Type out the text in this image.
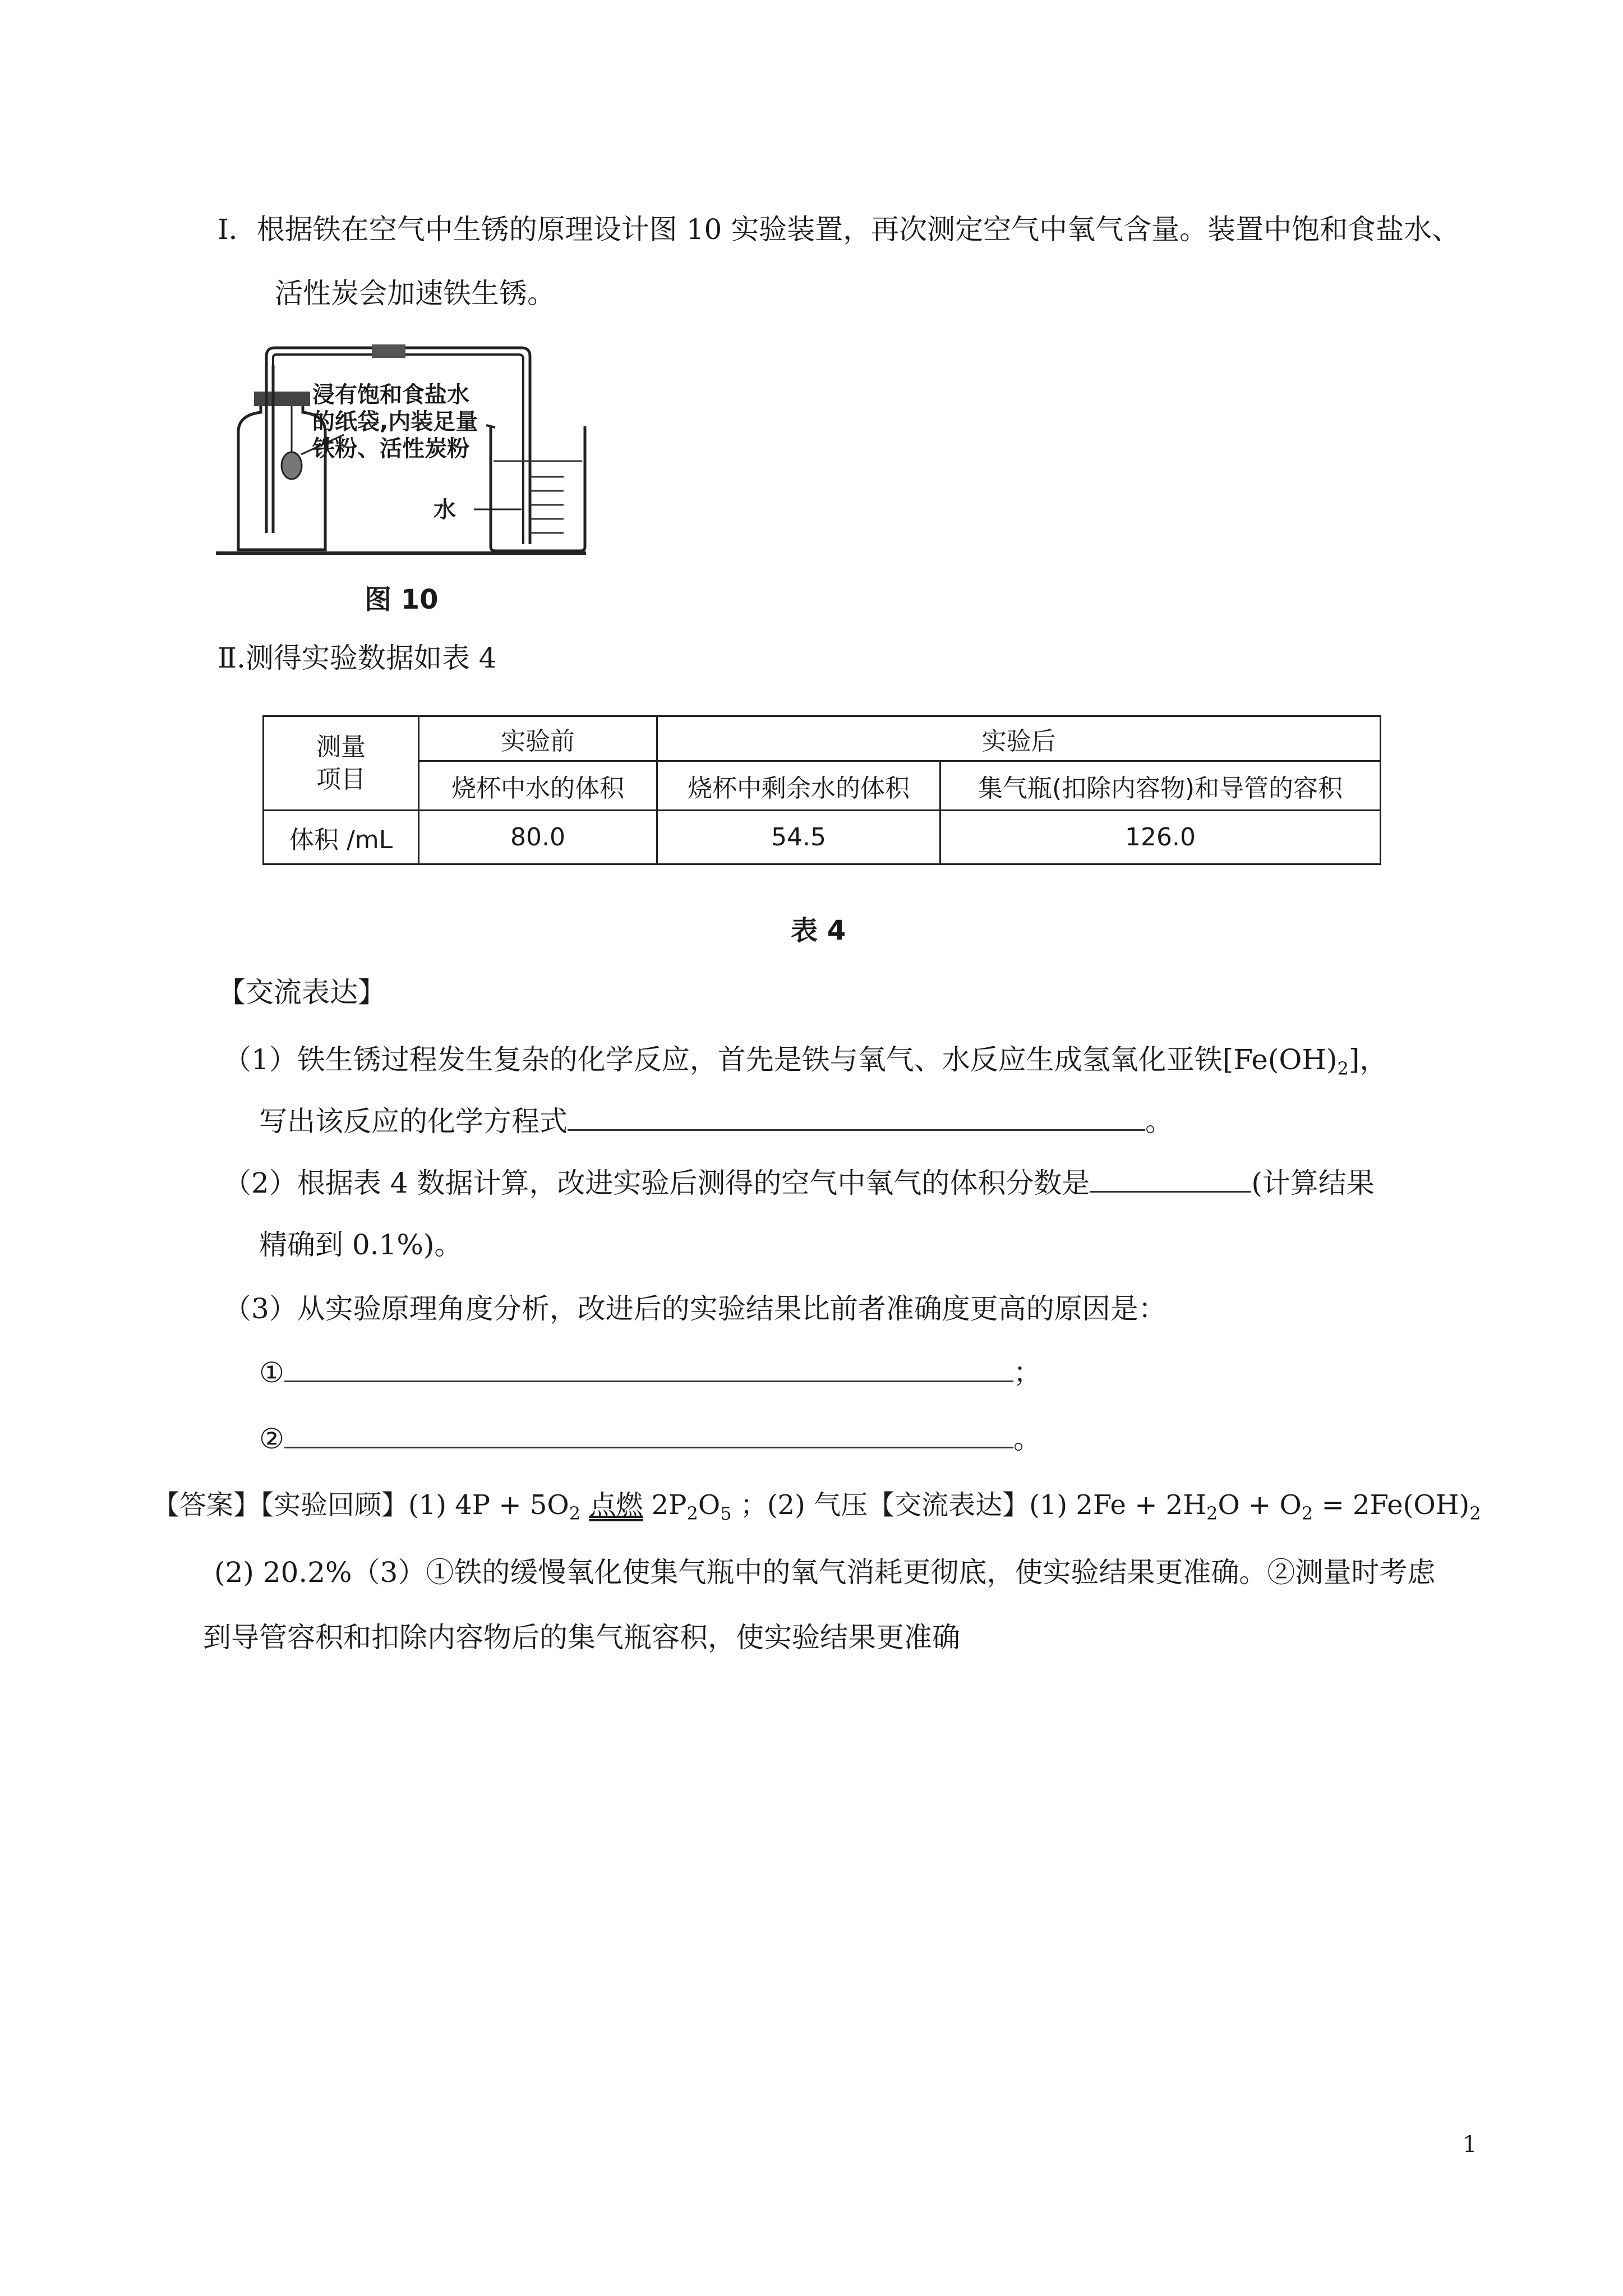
Ⅰ．根据铁在空气中生锈的原理设计图 10 实验装置，再次测定空气中氧气含量。装置中饱和食盐水、
活性炭会加速铁生锈。
浸有饱和食盐水
的纸袋,内装足量
铁粉、活性炭粉
水
图 10
Ⅱ.测得实验数据如表 4
测量
项目	实验前	实验后	
	烧杯中水的体积	烧杯中剩余水的体积	集气瓶(扣除内容物)和导管的容积
体积 /mL	80.0	54.5	126.0
表 4
【交流表达】
（1）铁生锈过程发生复杂的化学反应，首先是铁与氧气、水反应生成氢氧化亚铁$[Fe(OH)_2]$，
写出该反应的化学方程式	。
（2）根据表 4 数据计算，改进实验后测得的空气中氧气的体积分数是	(计算结果
精确到 0.1%)。
（3）从实验原理角度分析，改进后的实验结果比前者准确度更高的原因是：
①	；
②	。
【答案】【实验回顾】(1) $4P + 5O_2$ 点燃 $2P_2O_5$ ；(2) 气压【交流表达】(1) $2Fe + 2H_2O + O_2 = 2Fe(OH)_2$
(2) 20.2%（3）①铁的缓慢氧化使集气瓶中的氧气消耗更彻底，使实验结果更准确。②测量时考虑
到导管容积和扣除内容物后的集气瓶容积，使实验结果更准确
1
